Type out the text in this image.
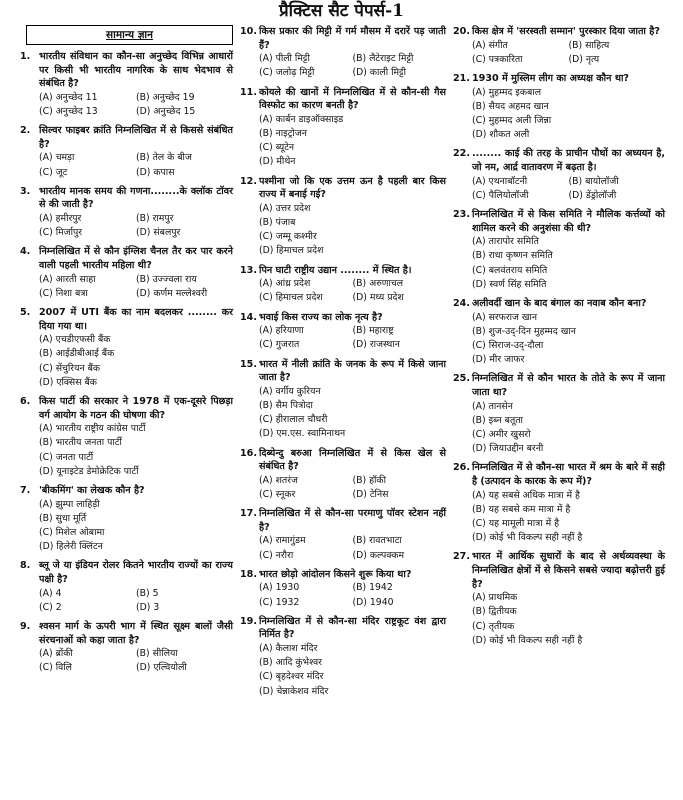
प्रैक्टिस सैट पेपर्स-1
सामान्य ज्ञान
1. भारतीय संविधान का कौन-सा अनुच्छेद विभिन्न आधारों पर किसी भी भारतीय नागरिक के साथ भेदभाव से संबंधित है?
(A) अनुच्छेद 11	(B) अनुच्छेद 19
(C) अनुच्छेद 13	(D) अनुच्छेद 15
2. सिल्वर फाइबर क्रांति निम्नलिखित में से किससे संबंधित है?
(A) चमड़ा	(B) तेल के बीज
(C) जूट	(D) कपास
3. भारतीय मानक समय की गणना........के क्लॉक टॉवर से की जाती है?
(A) हमीरपुर	(B) रामपुर
(C) मिर्जापुर	(D) संबलपुर
4. निम्नलिखित में से कौन इंग्लिश चैनल तैर कर पार करने वाली पहली भारतीय महिला थी?
(A) आरती साहा	(B) उज्ज्वला राय
(C) निशा बत्रा	(D) कर्णम मल्लेश्वरी
5. 2007 में UTI बैंक का नाम बदलकर ........ कर दिया गया था।
(A) एचडीएफसी बैंक
(B) आईडीबीआई बैंक
(C) सेंचुरियन बैंक
(D) एक्सिस बैंक
6. किस पार्टी की सरकार ने 1978 में एक-दूसरे पिछड़ा वर्ग आयोग के गठन की घोषणा की?
(A) भारतीय राष्ट्रीय कांग्रेस पार्टी
(B) भारतीय जनता पार्टी
(C) जनता पार्टी
(D) यूनाइटेड डेमोक्रेटिक पार्टी
7. 'बीकमिंग' का लेखक कौन है?
(A) झुम्पा लाहिड़ी
(B) सुधा मूर्ति
(C) मिशेल ओबामा
(D) हिलेरी क्लिंटन
8. ब्लू जे या इंडियन रोलर कितने भारतीय राज्यों का राज्य पक्षी है?
(A) 4	(B) 5
(C) 2	(D) 3
9. श्वसन मार्ग के ऊपरी भाग में स्थित सूक्ष्म बालों जैसी संरचनाओं को कहा जाता है?
(A) ब्रोंकी	(B) सीलिया
(C) विलि	(D) एल्वियोली
10. किस प्रकार की मिट्टी में गर्म मौसम में दरारें पड़ जाती हैं?
(A) पीली मिट्टी	(B) लैटेराइट मिट्टी
(C) जलोढ़ मिट्टी	(D) काली मिट्टी
11. कोयले की खानों में निम्नलिखित में से कौन-सी गैस विस्फोट का कारण बनती है?
(A) कार्बन डाइऑक्साइड
(B) नाइट्रोजन
(C) ब्यूटेन
(D) मीथेन
12. पश्मीना जो कि एक उत्तम ऊन है पहली बार किस राज्य में बनाई गई?
(A) उत्तर प्रदेश
(B) पंजाब
(C) जम्मू कश्मीर
(D) हिमाचल प्रदेश
13. पिन घाटी राष्ट्रीय उद्यान ........ में स्थित है।
(A) आंध्र प्रदेश	(B) अरुणाचल
(C) हिमाचल प्रदेश	(D) मध्य प्रदेश
14. भवाई किस राज्य का लोक नृत्य है?
(A) हरियाणा	(B) महाराष्ट्र
(C) गुजरात	(D) राजस्थान
15. भारत में नीली क्रांति के जनक के रूप में किसे जाना जाता है?
(A) वर्गीय कुरियन
(B) सैम पित्रोदा
(C) हीरालाल चौधरी
(D) एम.एस. स्वामिनाथन
16. दिब्येन्दु बरुआ निम्नलिखित में से किस खेल से संबंधित है?
(A) शतरंज	(B) हॉकी
(C) स्नूकर	(D) टेनिस
17. निम्नलिखित में से कौन-सा परमाणु पॉवर स्टेशन नहीं है?
(A) रामागुंडम	(B) रावतभाटा
(C) नरौरा	(D) कल्पक्कम
18. भारत छोड़ो आंदोलन किसने शुरू किया था?
(A) 1930	(B) 1942
(C) 1932	(D) 1940
19. निम्नलिखित में से कौन-सा मंदिर राष्ट्रकूट वंश द्वारा निर्मित है?
(A) कैलाश मंदिर
(B) आदि कुंभेश्वर
(C) बृहदेश्वर मंदिर
(D) चेन्नाकेशव मंदिर
20. किस क्षेत्र में 'सरस्वती सम्मान' पुरस्कार दिया जाता है?
(A) संगीत	(B) साहित्य
(C) पत्रकारिता	(D) नृत्य
21. 1930 में मुस्लिम लीग का अध्यक्ष कौन था?
(A) मुहम्मद इकबाल
(B) सैयद अहमद खान
(C) मुहम्मद अली जिन्ना
(D) शौकत अली
22. ........ काई की तरह के प्राचीन पौधों का अध्ययन है, जो नम, आर्द्र वातावरण में बढ़ता है।
(A) एथनाबॉटनी	(B) बायोलॉजी
(C) पैलियोलॉजी	(D) डेंड्रोलॉजी
23. निम्नलिखित में से किस समिति ने मौलिक कर्त्तव्यों को शामिल करने की अनुशंसा की थी?
(A) तारापोर समिति
(B) राधा कृष्णन समिति
(C) बलवंतराय समिति
(D) स्वर्ण सिंह समिति
24. अलीवर्दी खान के बाद बंगाल का नवाब कौन बना?
(A) सरफराज खान
(B) शुज-उद्-दिन मुहम्मद खान
(C) सिराज-उद्-दौला
(D) मीर जाफर
25. निम्नलिखित में से कौन भारत के तोते के रूप में जाना जाता था?
(A) तानसेन
(B) इब्न बतूता
(C) अमीर खुसरो
(D) जियाउद्दीन बरनी
26. निम्नलिखित में से कौन-सा भारत में श्रम के बारे में सही है (उत्पादन के कारक के रूप में)?
(A) यह सबसे अधिक मात्रा में है
(B) यह सबसे कम मात्रा में है
(C) यह मामूली मात्रा में है
(D) कोई भी विकल्प सही नहीं है
27. भारत में आर्थिक सुधारों के बाद से अर्थव्यवस्था के निम्नलिखित क्षेत्रों में से किसने सबसे ज्यादा बढ़ोत्तरी हुई है?
(A) प्राथमिक
(B) द्वितीयक
(C) तृतीयक
(D) कोई भी विकल्प सही नहीं है
